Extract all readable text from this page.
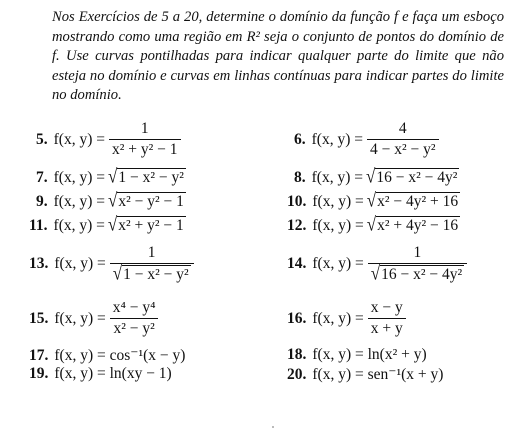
Nos Exercícios de 5 a 20, determine o domínio da função f e faça um esboço mostrando como uma região em R² seja o conjunto de pontos do domínio de f. Use curvas pontilhadas para indicar qualquer parte do limite que não esteja no domínio e curvas em linhas contínuas para indicar partes do limite no domínio.

5. f(x, $y) = \frac{1}{\text{x² + y² − 1}}$	6. f(x, $y) = \frac{4}{\text{4 − x² − y²}}$
7. f(x, y) = √ 1 − x² − y²	8. f(x, y) = √ 16 − x² − 4y²
9. f(x, y) = √ x² − y² − 1	10. f(x, y) = √ x² − 4y² + 16
11. f(x, y) = √ x² + y² − 1	12. f(x, y) = √ x² + 4y² − 16
13. f(x, $y) = \frac{1}{\text{√ 1 − x² − y²}}$	14. f(x, $y) = \frac{1}{\text{√ 16 − x² − 4y²}}$
15. f(x, $y) = \frac{\text{x⁴ − y⁴}}{\text{x² − y²}}$	16. f(x, $y) = \frac{x - y}{x + y}$
17. f(x, y) = cos⁻¹(x − y)	18. f(x, y) = ln(x² + y)
19. f(x, y) = ln(xy − 1)	20. f(x, y) = sen⁻¹(x + y)
